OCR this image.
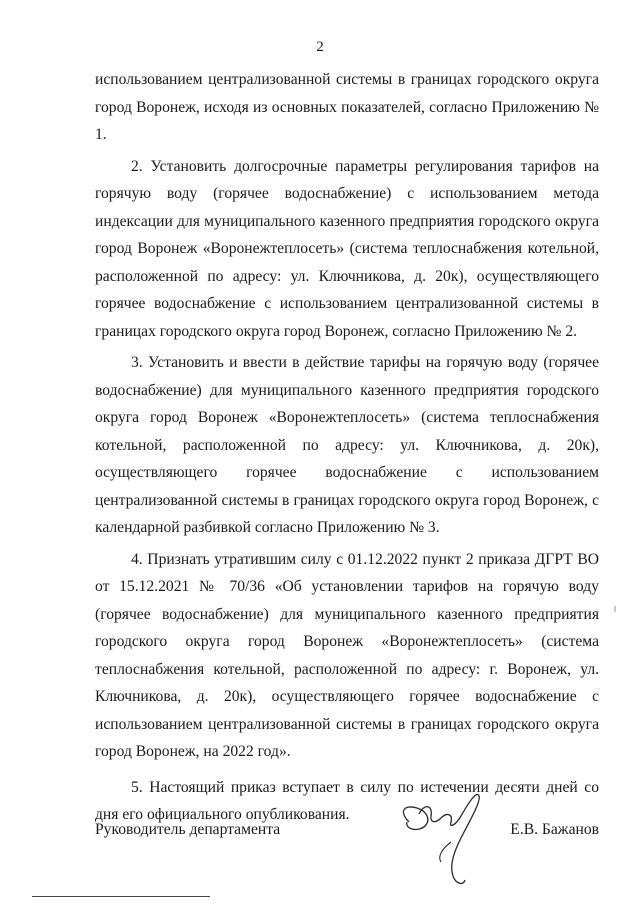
2

использованием централизованной системы в границах городского округа город Воронеж, исходя из основных показателей, согласно Приложению № 1.

2. Установить долгосрочные параметры регулирования тарифов на горячую воду (горячее водоснабжение) с использованием метода индексации для муниципального казенного предприятия городского округа город Воронеж «Воронежтеплосеть» (система теплоснабжения котельной, расположенной по адресу: ул. Ключникова, д. 20к), осуществляющего горячее водоснабжение с использованием централизованной системы в границах городского округа город Воронеж, согласно Приложению № 2.

3. Установить и ввести в действие тарифы на горячую воду (горячее водоснабжение) для муниципального казенного предприятия городского округа город Воронеж «Воронежтеплосеть» (система теплоснабжения котельной, расположенной по адресу: ул. Ключникова, д. 20к), осуществляющего горячее водоснабжение с использованием централизованной системы в границах городского округа город Воронеж, с календарной разбивкой согласно Приложению № 3.

4. Признать утратившим силу с 01.12.2022 пункт 2 приказа ДГРТ ВО от 15.12.2021 № 70/36 «Об установлении тарифов на горячую воду (горячее водоснабжение) для муниципального казенного предприятия городского округа город Воронеж «Воронежтеплосеть» (система теплоснабжения котельной, расположенной по адресу: г. Воронеж, ул. Ключникова, д. 20к), осуществляющего горячее водоснабжение с использованием централизованной системы в границах городского округа город Воронеж, на 2022 год».

5. Настоящий приказ вступает в силу по истечении десяти дней со дня его официального опубликования.

Руководитель департамента	Е.В. Бажанов
